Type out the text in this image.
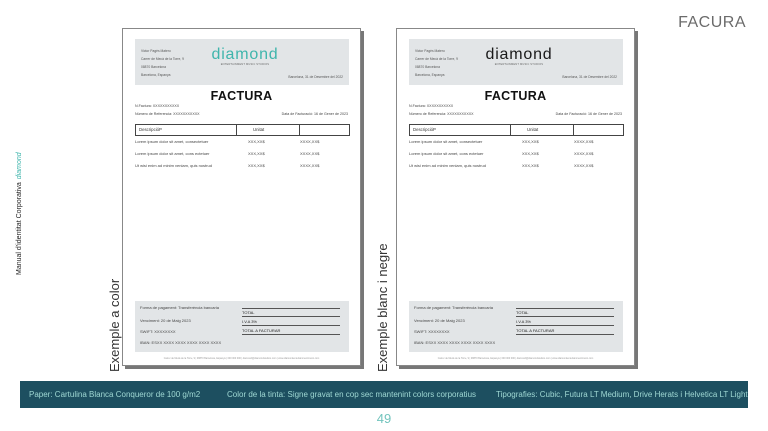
FACURA
Manual d'identitat Corporativadiamond
Exemple a color	Exemple blanc i negre
Victor Pagès Matero
Carrer de Mecà de la Torre, 9
08870 Barcelona
Barcelona, Espanya
diamond
ENTERTAINMENT MUSIC STUDIOS
Barcelona, 31 de Desembre del 2022
FACTURA
N.Factura: XXXXXXXXXXX
Número de Referencia: XXXXXXXXXXX	Data de Facturació: 16 de Gener de 2023
DescripcióP	Unitat
Lorem ipsum dolor sit amet, consectetuer	XXX,XX$	XXXX,XX$
Lorem ipsum dolor sit amet, cons ectetuer	XXX,XX$	XXXX,XX$
Ut wisi enim ad minim veniam, quis nostrud	XXX,XX$	XXXX,XX$
Forma de pagament: Transferència bancaria
Venciment: 20 de Maig 2023
SWIFT: XXXXXXXX
IBAN: ESXX XXXX XXXX XXXX XXXX XXXX
TOTAL
I.V.A 3%
TOTAL A FACTURAR
Carrer de Mecà de la Torre, 9 | 08870 Barcelona, Espanya | 000 000 000 | diamond@diamondstudios.com | www.diamondentertainmentmusic.com
Victor Pagès Matero
Carrer de Mecà de la Torre, 9
08870 Barcelona
Barcelona, Espanya
diamond
ENTERTAINMENT MUSIC STUDIOS
Barcelona, 31 de Desembre del 2022
FACTURA
N.Factura: XXXXXXXXXXX
Número de Referencia: XXXXXXXXXXX	Data de Facturació: 16 de Gener de 2023
DescripcióP	Unitat
Lorem ipsum dolor sit amet, consectetuer	XXX,XX$	XXXX,XX$
Lorem ipsum dolor sit amet, cons ectetuer	XXX,XX$	XXXX,XX$
Ut wisi enim ad minim veniam, quis nostrud	XXX,XX$	XXXX,XX$
Forma de pagament: Transferència bancaria
Venciment: 20 de Maig 2023
SWIFT: XXXXXXXX
IBAN: ESXX XXXX XXXX XXXX XXXX XXXX
TOTAL
I.V.A 3%
TOTAL A FACTURAR
Carrer de Mecà de la Torre, 9 | 08870 Barcelona, Espanya | 000 000 000 | diamond@diamondstudios.com | www.diamondentertainmentmusic.com
Paper: Cartulina Blanca Conqueror de 100 g/m2	Color de la tinta: Signe gravat en cop sec mantenint colors corporatius Tipografies: Cubic, Futura LT Medium, Drive Herats i Helvetica LT Light
49
